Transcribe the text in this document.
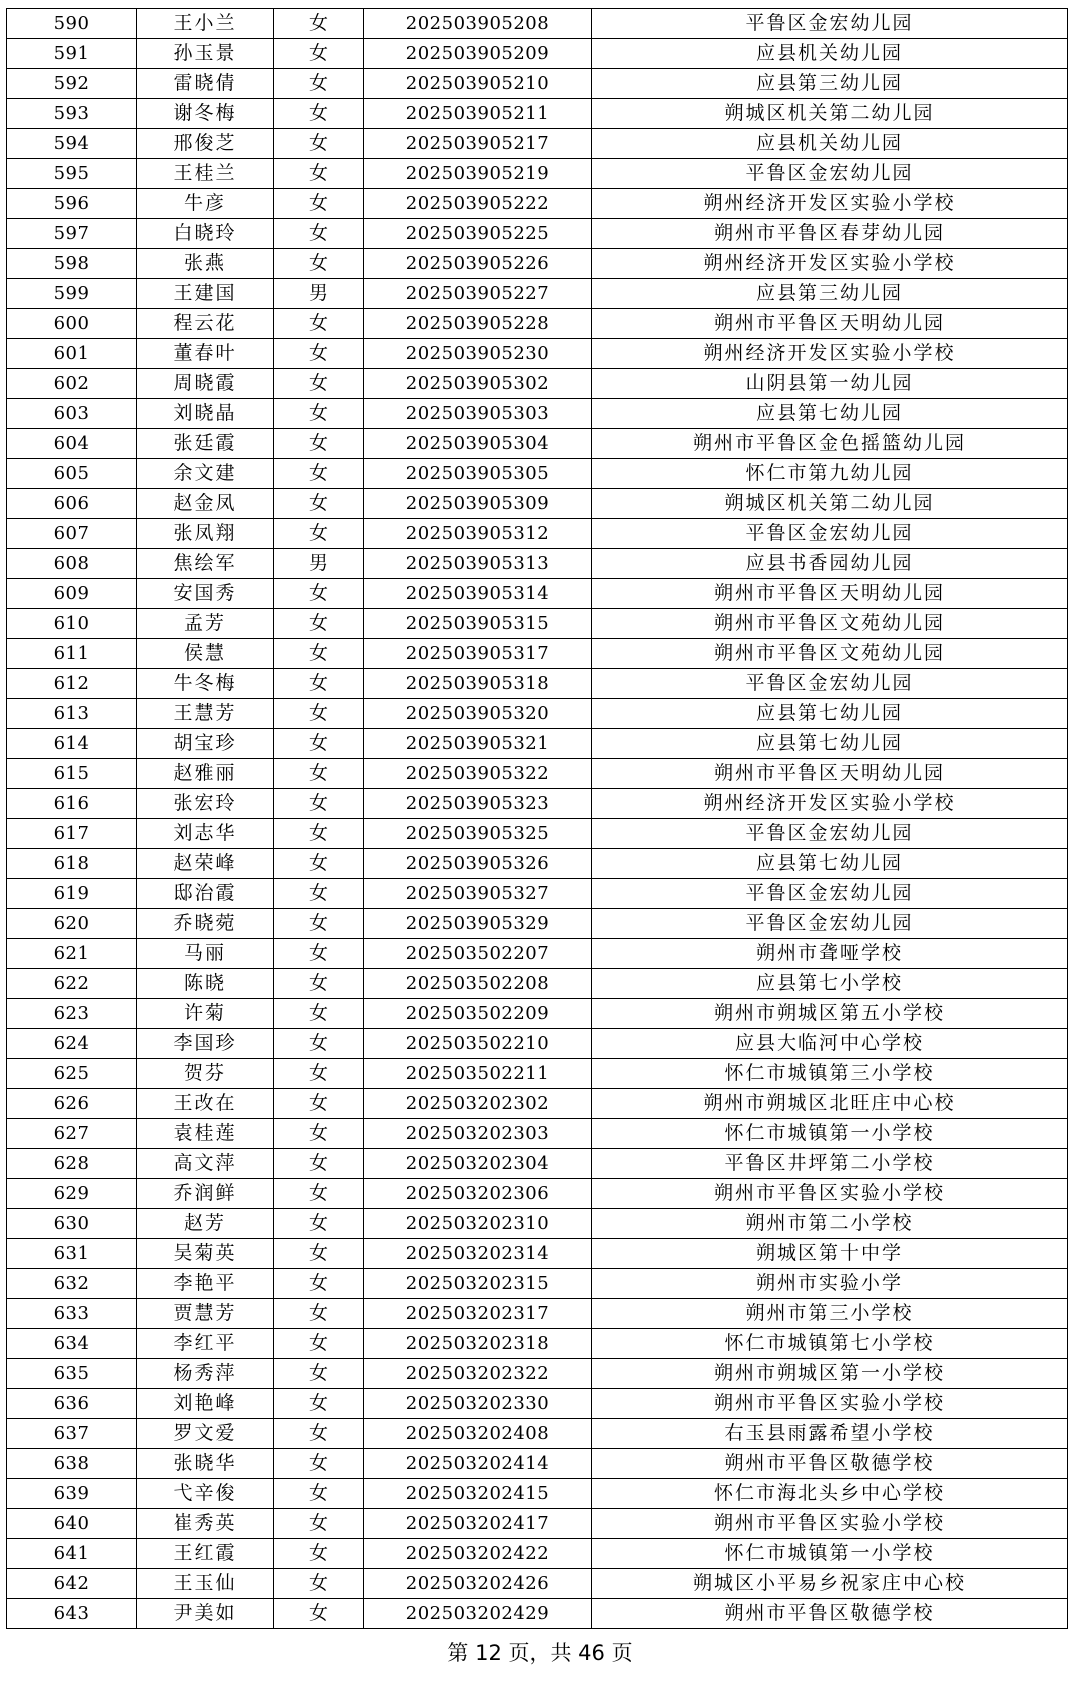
590	王小兰	女	202503905208	平鲁区金宏幼儿园
591	孙玉景	女	202503905209	应县机关幼儿园
592	雷晓倩	女	202503905210	应县第三幼儿园
593	谢冬梅	女	202503905211	朔城区机关第二幼儿园
594	邢俊芝	女	202503905217	应县机关幼儿园
595	王桂兰	女	202503905219	平鲁区金宏幼儿园
596	牛彦	女	202503905222	朔州经济开发区实验小学校
597	白晓玲	女	202503905225	朔州市平鲁区春芽幼儿园
598	张燕	女	202503905226	朔州经济开发区实验小学校
599	王建国	男	202503905227	应县第三幼儿园
600	程云花	女	202503905228	朔州市平鲁区天明幼儿园
601	董春叶	女	202503905230	朔州经济开发区实验小学校
602	周晓霞	女	202503905302	山阴县第一幼儿园
603	刘晓晶	女	202503905303	应县第七幼儿园
604	张廷霞	女	202503905304	朔州市平鲁区金色摇篮幼儿园
605	余文建	女	202503905305	怀仁市第九幼儿园
606	赵金凤	女	202503905309	朔城区机关第二幼儿园
607	张凤翔	女	202503905312	平鲁区金宏幼儿园
608	焦绘军	男	202503905313	应县书香园幼儿园
609	安国秀	女	202503905314	朔州市平鲁区天明幼儿园
610	孟芳	女	202503905315	朔州市平鲁区文苑幼儿园
611	侯慧	女	202503905317	朔州市平鲁区文苑幼儿园
612	牛冬梅	女	202503905318	平鲁区金宏幼儿园
613	王慧芳	女	202503905320	应县第七幼儿园
614	胡宝珍	女	202503905321	应县第七幼儿园
615	赵雅丽	女	202503905322	朔州市平鲁区天明幼儿园
616	张宏玲	女	202503905323	朔州经济开发区实验小学校
617	刘志华	女	202503905325	平鲁区金宏幼儿园
618	赵荣峰	女	202503905326	应县第七幼儿园
619	邸治霞	女	202503905327	平鲁区金宏幼儿园
620	乔晓菀	女	202503905329	平鲁区金宏幼儿园
621	马丽	女	202503502207	朔州市聋哑学校
622	陈晓	女	202503502208	应县第七小学校
623	许菊	女	202503502209	朔州市朔城区第五小学校
624	李国珍	女	202503502210	应县大临河中心学校
625	贺芬	女	202503502211	怀仁市城镇第三小学校
626	王改在	女	202503202302	朔州市朔城区北旺庄中心校
627	袁桂莲	女	202503202303	怀仁市城镇第一小学校
628	高文萍	女	202503202304	平鲁区井坪第二小学校
629	乔润鲜	女	202503202306	朔州市平鲁区实验小学校
630	赵芳	女	202503202310	朔州市第二小学校
631	吴菊英	女	202503202314	朔城区第十中学
632	李艳平	女	202503202315	朔州市实验小学
633	贾慧芳	女	202503202317	朔州市第三小学校
634	李红平	女	202503202318	怀仁市城镇第七小学校
635	杨秀萍	女	202503202322	朔州市朔城区第一小学校
636	刘艳峰	女	202503202330	朔州市平鲁区实验小学校
637	罗文爱	女	202503202408	右玉县雨露希望小学校
638	张晓华	女	202503202414	朔州市平鲁区敬德学校
639	弋辛俊	女	202503202415	怀仁市海北头乡中心学校
640	崔秀英	女	202503202417	朔州市平鲁区实验小学校
641	王红霞	女	202503202422	怀仁市城镇第一小学校
642	王玉仙	女	202503202426	朔城区小平易乡祝家庄中心校
643	尹美如	女	202503202429	朔州市平鲁区敬德学校
第 12 页，共 46 页
